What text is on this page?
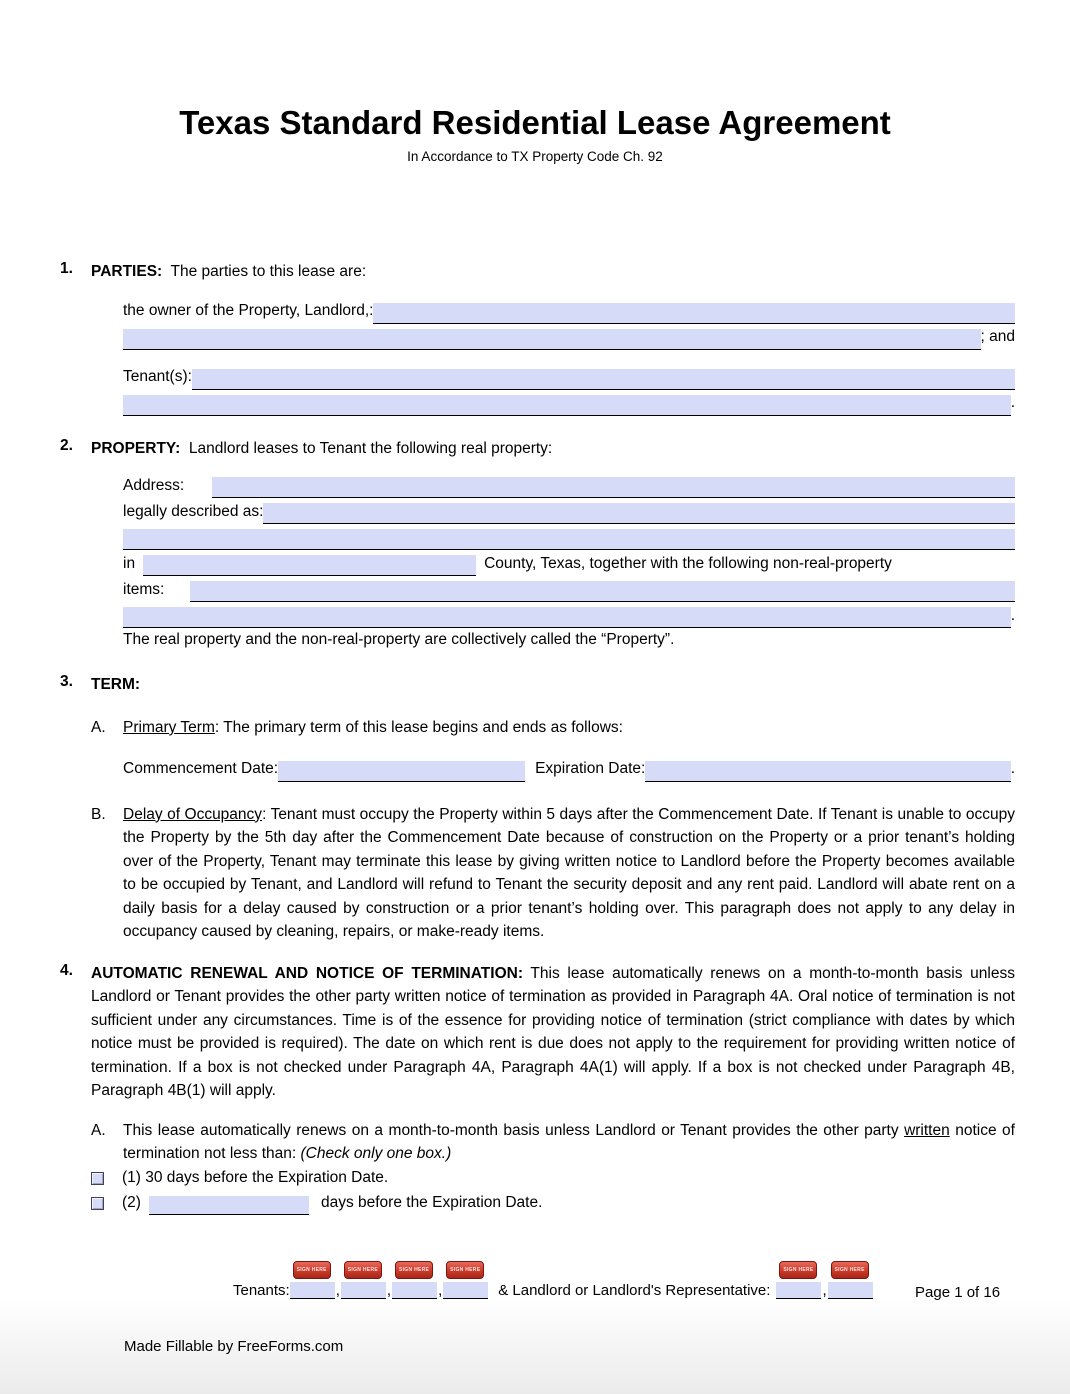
Texas Standard Residential Lease Agreement
In Accordance to TX Property Code Ch. 92
1.	PARTIES: The parties to this lease are:
the owner of the Property, Landlord,:
; and
Tenant(s):
.
2.	PROPERTY: Landlord leases to Tenant the following real property:
Address:
legally described as:
in	County, Texas, together with the following non-real-property
items:
.
The real property and the non-real-property are collectively called the “Property”.
3.	TERM:
A.	Primary Term: The primary term of this lease begins and ends as follows:
Commencement Date:	Expiration Date:	.
B.	Delay of Occupancy: Tenant must occupy the Property within 5 days after the Commencement Date. If Tenant is unable to occupy the Property by the 5th day after the Commencement Date because of construction on the Property or a prior tenant’s holding over of the Property, Tenant may terminate this lease by giving written notice to Landlord before the Property becomes available to be occupied by Tenant, and Landlord will refund to Tenant the security deposit and any rent paid. Landlord will abate rent on a daily basis for a delay caused by construction or a prior tenant’s holding over. This paragraph does not apply to any delay in occupancy caused by cleaning, repairs, or make-ready items.
4.	AUTOMATIC RENEWAL AND NOTICE OF TERMINATION: This lease automatically renews on a month-to-month basis unless Landlord or Tenant provides the other party written notice of termination as provided in Paragraph 4A. Oral notice of termination is not sufficient under any circumstances. Time is of the essence for providing notice of termination (strict compliance with dates by which notice must be provided is required). The date on which rent is due does not apply to the requirement for providing written notice of termination. If a box is not checked under Paragraph 4A, Paragraph 4A(1) will apply. If a box is not checked under Paragraph 4B, Paragraph 4B(1) will apply.
A.	This lease automatically renews on a month-to-month basis unless Landlord or Tenant provides the other party written notice of termination not less than: (Check only one box.)
(1) 30 days before the Expiration Date.
(2)	days before the Expiration Date.
Tenants:
SIGN HERE
,
SIGN HERE
,
SIGN HERE
,
SIGN HERE
& Landlord or Landlord's Representative:
SIGN HERE
,
SIGN HERE
Page 1 of 16
Made Fillable by FreeForms.com
